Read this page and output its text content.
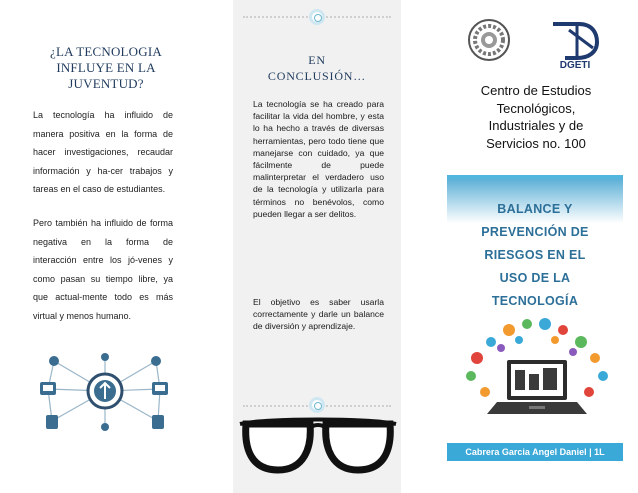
¿LA TECNOLOGIA
INFLUYE EN LA
JUVENTUD?

La tecnología ha influido de manera positiva en la forma de hacer investigaciones, recaudar información y ha-cer trabajos y tareas en el caso de estudiantes.

Pero también ha influido de forma negativa en la forma de interacción entre los jó-venes y como pasan su tiempo libre, ya que actual-mente todo es más virtual y menos humano.

EN
CONCLUSIÓN…

La tecnología se ha creado para facilitar la vida del hombre, y esta lo ha hecho a través de diversas herramientas, pero todo tiene que manejarse con cuidado, ya que fácilmente de puede malinterpretar el verdadero uso de la tecnología y utilizarla para términos no benévolos, como pueden llegar a ser delitos.

El objetivo es saber usarla correctamente y darle un balance de diversión y aprendizaje.

DGETI
Centro de Estudios
Tecnológicos,
Industriales y de
Servicios no. 100
BALANCE Y
PREVENCIÓN DE
RIESGOS EN EL
USO DE LA
TECNOLOGÍA
Cabrera Garcia Angel Daniel | 1L
